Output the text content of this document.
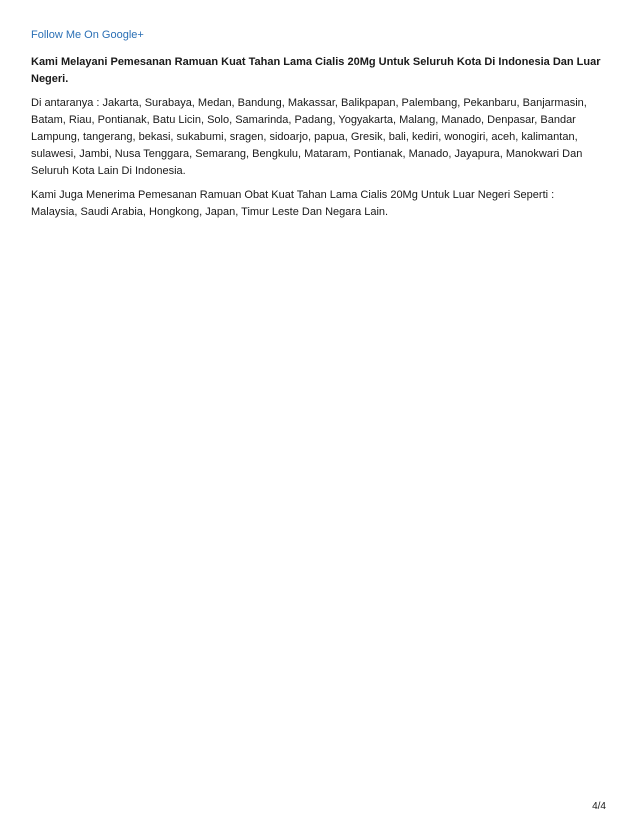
Follow Me On Google+

Kami Melayani Pemesanan Ramuan Kuat Tahan Lama Cialis 20Mg Untuk Seluruh Kota Di Indonesia Dan Luar Negeri.

Di antaranya : Jakarta, Surabaya, Medan, Bandung, Makassar, Balikpapan, Palembang, Pekanbaru, Banjarmasin, Batam, Riau, Pontianak, Batu Licin, Solo, Samarinda, Padang, Yogyakarta, Malang, Manado, Denpasar, Bandar Lampung, tangerang, bekasi, sukabumi, sragen, sidoarjo, papua, Gresik, bali, kediri, wonogiri, aceh, kalimantan, sulawesi, Jambi, Nusa Tenggara, Semarang, Bengkulu, Mataram, Pontianak, Manado, Jayapura, Manokwari Dan Seluruh Kota Lain Di Indonesia.

Kami Juga Menerima Pemesanan Ramuan Obat Kuat Tahan Lama Cialis 20Mg Untuk Luar Negeri Seperti : Malaysia, Saudi Arabia, Hongkong, Japan, Timur Leste Dan Negara Lain.

4/4
